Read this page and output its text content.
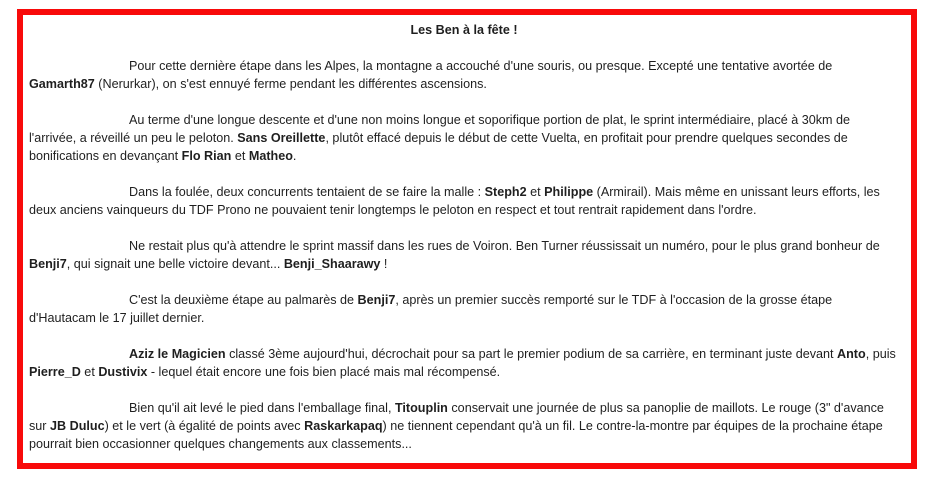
Les Ben à la fête !

Pour cette dernière étape dans les Alpes, la montagne a accouché d'une souris, ou presque. Excepté une tentative avortée de Gamarth87 (Nerurkar), on s'est ennuyé ferme pendant les différentes ascensions.

Au terme d'une longue descente et d'une non moins longue et soporifique portion de plat, le sprint intermédiaire, placé à 30km de l'arrivée, a réveillé un peu le peloton. Sans Oreillette, plutôt effacé depuis le début de cette Vuelta, en profitait pour prendre quelques secondes de bonifications en devançant Flo Rian et Matheo.

Dans la foulée, deux concurrents tentaient de se faire la malle : Steph2 et Philippe (Armirail). Mais même en unissant leurs efforts, les deux anciens vainqueurs du TDF Prono ne pouvaient tenir longtemps le peloton en respect et tout rentrait rapidement dans l'ordre.

Ne restait plus qu'à attendre le sprint massif dans les rues de Voiron. Ben Turner réussissait un numéro, pour le plus grand bonheur de Benji7, qui signait une belle victoire devant... Benji_Shaarawy !

C'est la deuxième étape au palmarès de Benji7, après un premier succès remporté sur le TDF à l'occasion de la grosse étape d'Hautacam le 17 juillet dernier.

Aziz le Magicien classé 3ème aujourd'hui, décrochait pour sa part le premier podium de sa carrière, en terminant juste devant Anto, puis Pierre_D et Dustivix - lequel était encore une fois bien placé mais mal récompensé.

Bien qu'il ait levé le pied dans l'emballage final, Titouplin conservait une journée de plus sa panoplie de maillots. Le rouge (3" d'avance sur JB Duluc) et le vert (à égalité de points avec Raskarkapaq) ne tiennent cependant qu'à un fil. Le contre-la-montre par équipes de la prochaine étape pourrait bien occasionner quelques changements aux classements...
